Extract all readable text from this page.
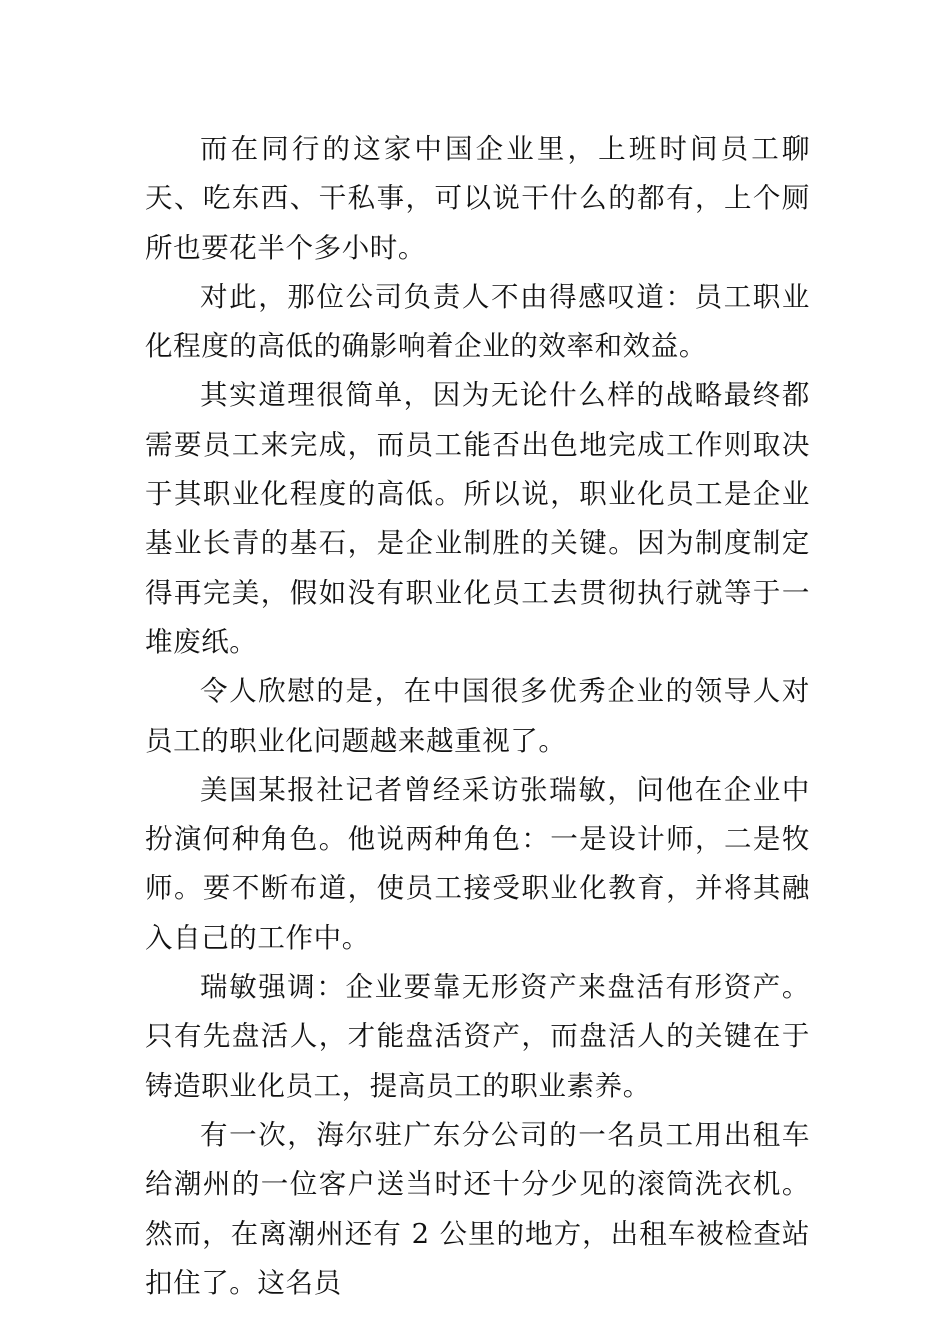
而在同行的这家中国企业里，上班时间员工聊天、吃东西、干私事，可以说干什么的都有，上个厕所也要花半个多小时。

对此，那位公司负责人不由得感叹道：员工职业化程度的高低的确影响着企业的效率和效益。

其实道理很简单，因为无论什么样的战略最终都需要员工来完成，而员工能否出色地完成工作则取决于其职业化程度的高低。所以说，职业化员工是企业基业长青的基石，是企业制胜的关键。因为制度制定得再完美，假如没有职业化员工去贯彻执行就等于一堆废纸。

令人欣慰的是，在中国很多优秀企业的领导人对员工的职业化问题越来越重视了。

美国某报社记者曾经采访张瑞敏，问他在企业中扮演何种角色。他说两种角色：一是设计师，二是牧师。要不断布道，使员工接受职业化教育，并将其融入自己的工作中。

瑞敏强调：企业要靠无形资产来盘活有形资产。只有先盘活人，才能盘活资产，而盘活人的关键在于铸造职业化员工，提高员工的职业素养。

有一次，海尔驻广东分公司的一名员工用出租车给潮州的一位客户送当时还十分少见的滚筒洗衣机。然而，在离潮州还有 2 公里的地方，出租车被检查站扣住了。这名员
